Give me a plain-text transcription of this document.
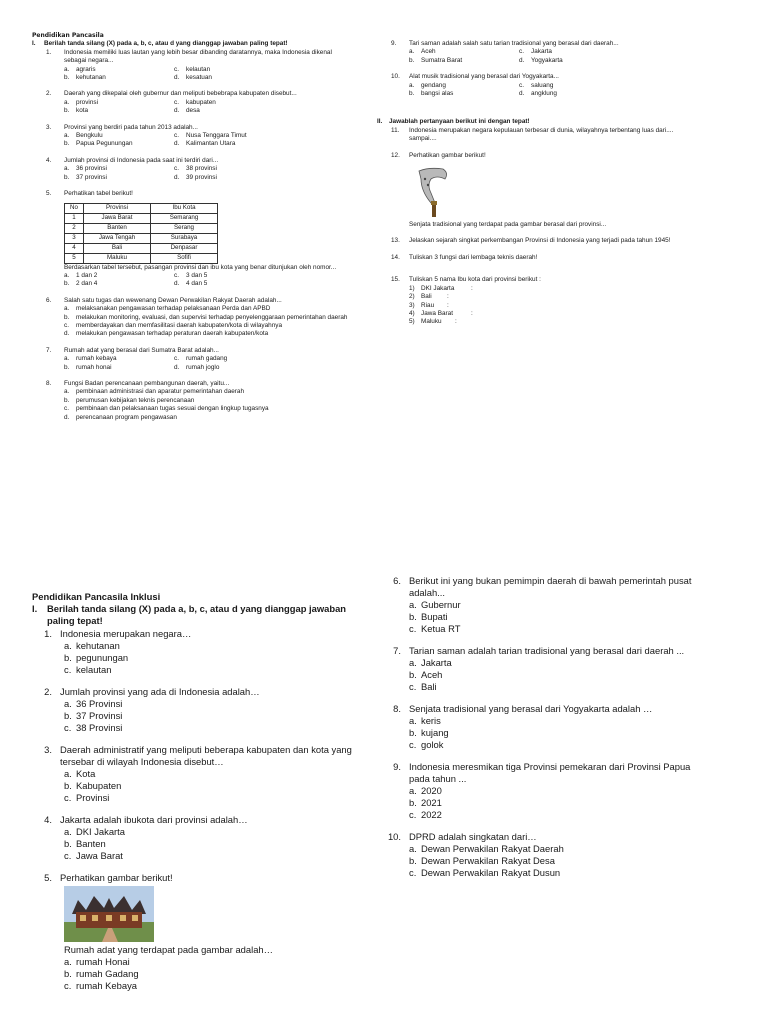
Pendidikan Pancasila
I.	Berilah tanda silang (X) pada a, b, c, atau d yang dianggap jawaban paling tepat!
1.	Indonesia memiliki luas lautan yang lebih besar dibanding daratannya, maka Indonesia dikenal sebagai negara...
a.	agraris	c.	kelautan
b.	kehutanan	d.	kesatuan
2.	Daerah yang dikepalai oleh gubernur dan meliputi bebebrapa kabupaten disebut...
a.	provinsi	c.	kabupaten
b.	kota	d.	desa
3.	Provinsi yang berdiri pada tahun 2013 adalah...
a.	Bengkulu	c.	Nusa Tenggara Timut
b.	Papua Pegunungan	d.	Kalimantan Utara
4.	Jumlah provinsi di Indonesia pada saat ini terdiri dari...
a.	36 provinsi	c.	38 provinsi
b.	37 provinsi	d.	39 provinsi
5.	Perhatikan tabel berikut!
No	Provinsi	Ibu Kota
1	Jawa Barat	Semarang
2	Banten	Serang
3	Jawa Tengah	Surabaya
4	Bali	Denpasar
5	Maluku	Sofifi
Berdasarkan tabel tersebut, pasangan provinsi dan ibu kota yang benar ditunjukan oleh nomor...
a.	1 dan 2	c.	3 dan 5
b.	2 dan 4	d.	4 dan 5
6.	Salah satu tugas dan wewenang Dewan Perwakilan Rakyat Daerah adalah...
a.	melaksanakan pengawasan terhadap pelaksanaan Perda dan APBD
b.	melakukan monitoring, evaluasi, dan supervisi terhadap penyelenggaraan pemerintahan daerah
c.	memberdayakan dan memfasilitasi daerah kabupaten/kota di wilayahnya
d.	melakukan pengawasan terhadap peraturan daerah kabupaten/kota
7.	Rumah adat yang berasal dari Sumatra Barat adalah...
a.	rumah kebaya	c.	rumah gadang
b.	rumah honai	d.	rumah joglo
8.	Fungsi Badan perencanaan pembangunan daerah, yaitu...
a.	pembinaan administrasi dan aparatur pemerintahan daerah
b.	perumusan kebijakan teknis perencanaan
c.	pembinaan dan pelaksanaan tugas sesuai dengan lingkup tugasnya
d.	perencanaan program pengawasan
9.	Tari saman adalah salah satu tarian tradisional yang berasal dari daerah...
a.	Aceh	c.	Jakarta
b.	Sumatra Barat	d.	Yogyakarta
10.	Alat musik tradisional yang berasal dari Yogyakarta...
a.	gendang	c.	saluang
b.	bangsi alas	d.	angklung
II.	Jawablah pertanyaan berikut ini dengan tepat!
11.	Indonesia merupakan negara kepulauan terbesar di dunia, wilayahnya terbentang luas dari.... sampai....
12.	Perhatikan gambar berikut!
Senjata tradisional yang terdapat pada gambar berasal dari provinsi...
13.	Jelaskan sejarah singkat perkembangan Provinsi di Indonesia yang terjadi pada tahun 1945!
14.	Tuliskan 3 fungsi dari lembaga teknis daerah!
15.	Tuliskan 5 nama Ibu kota dari provinsi berikut :
1) DKI Jakarta	:
2) Bali	:
3) Riau	:
4) Jawa Barat	:
5) Maluku	:
Pendidikan Pancasila Inklusi
I.	Berilah tanda silang (X) pada a, b, c, atau d yang dianggap jawaban paling tepat!
1. Indonesia merupakan negara…
a. kehutanan
b. pegunungan
c. kelautan
2. Jumlah provinsi yang ada di Indonesia adalah…
a. 36 Provinsi
b. 37 Provinsi
c. 38 Provinsi
3. Daerah administratif yang meliputi beberapa kabupaten dan kota yang tersebar di wilayah Indonesia disebut…
a. Kota
b. Kabupaten
c. Provinsi
4. Jakarta adalah ibukota dari provinsi adalah…
a. DKI Jakarta
b. Banten
c. Jawa Barat
5. Perhatikan gambar berikut!
Rumah adat yang terdapat pada gambar adalah…
a. rumah Honai
b. rumah Gadang
c. rumah Kebaya
6. Berikut ini yang bukan pemimpin daerah di bawah pemerintah pusat adalah...
a. Gubernur
b. Bupati
c. Ketua RT
7. Tarian saman adalah tarian tradisional yang berasal dari daerah ...
a. Jakarta
b. Aceh
c. Bali
8. Senjata tradisional yang berasal dari Yogyakarta adalah …
a. keris
b. kujang
c. golok
9. Indonesia meresmikan tiga Provinsi pemekaran dari Provinsi Papua pada tahun ...
a. 2020
b. 2021
c. 2022
10. DPRD adalah singkatan dari…
a. Dewan Perwakilan Rakyat Daerah
b. Dewan Perwakilan Rakyat Desa
c. Dewan Perwakilan Rakyat Dusun
